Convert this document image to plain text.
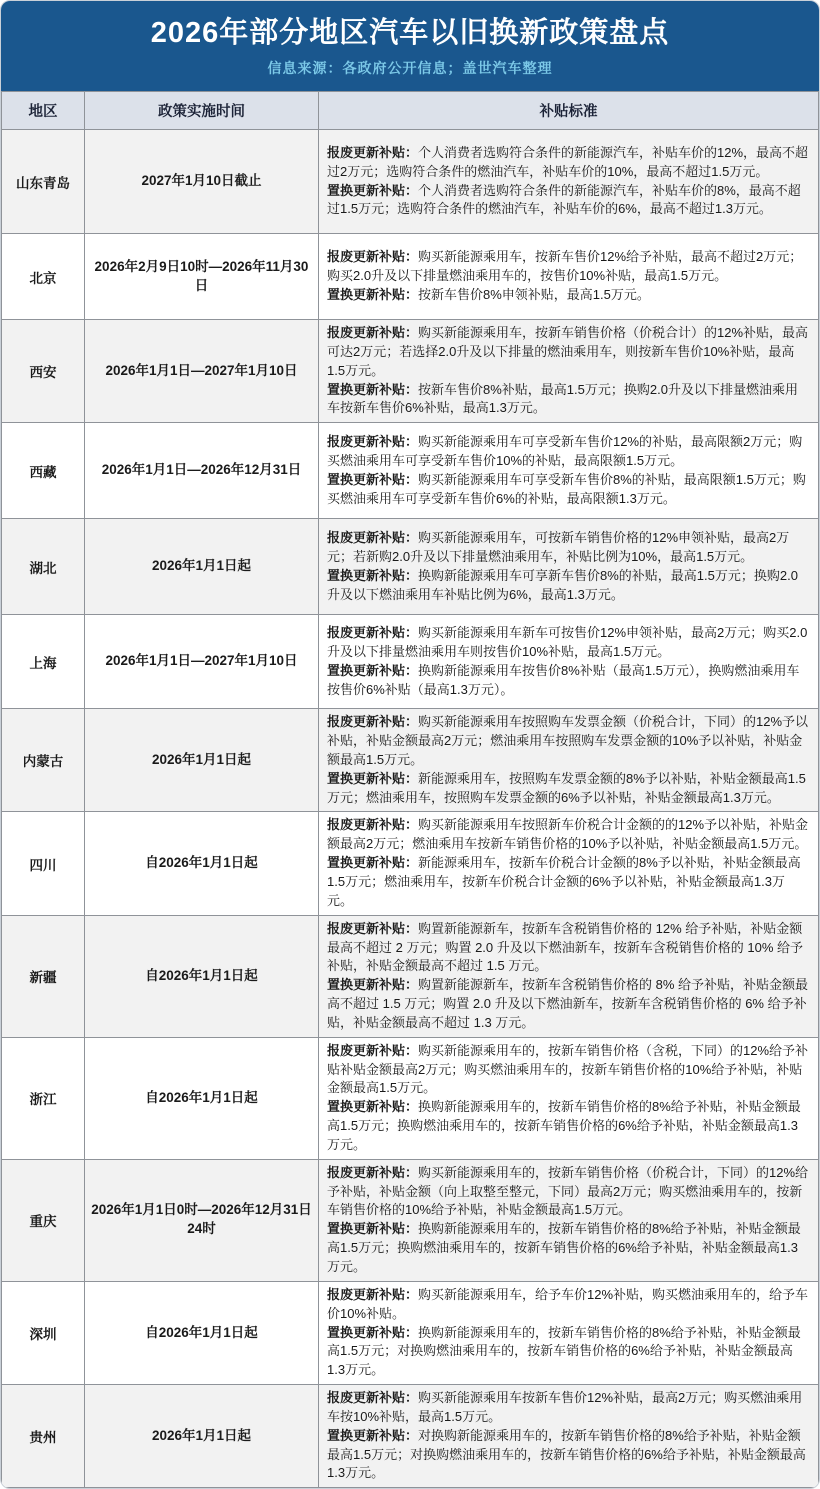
2026年部分地区汽车以旧换新政策盘点
信息来源：各政府公开信息；盖世汽车整理
地区	政策实施时间	补贴标准
山东青岛	2027年1月10日截止	报废更新补贴：个人消费者选购符合条件的新能源汽车，补贴车价的12%，最高不超过2万元；选购符合条件的燃油汽车，补贴车价的10%，最高不超过1.5万元。

置换更新补贴：个人消费者选购符合条件的新能源汽车，补贴车价的8%，最高不超过1.5万元；选购符合条件的燃油汽车，补贴车价的6%，最高不超过1.3万元。

北京	2026年2月9日10时—2026年11月30日	报废更新补贴：购买新能源乘用车，按新车售价12%给予补贴，最高不超过2万元；购买2.0升及以下排量燃油乘用车的，按售价10%补贴，最高1.5万元。

置换更新补贴：按新车售价8%申领补贴，最高1.5万元。

西安	2026年1月1日—2027年1月10日	报废更新补贴：购买新能源乘用车，按新车销售价格（价税合计）的12%补贴，最高可达2万元；若选择2.0升及以下排量的燃油乘用车，则按新车售价10%补贴，最高1.5万元。

置换更新补贴：按新车售价8%补贴，最高1.5万元；换购2.0升及以下排量燃油乘用车按新车售价6%补贴，最高1.3万元。

西藏	2026年1月1日—2026年12月31日	报废更新补贴：购买新能源乘用车可享受新车售价12%的补贴，最高限额2万元；购买燃油乘用车可享受新车售价10%的补贴，最高限额1.5万元。

置换更新补贴：购买新能源乘用车可享受新车售价8%的补贴，最高限额1.5万元；购买燃油乘用车可享受新车售价6%的补贴，最高限额1.3万元。

湖北	2026年1月1日起	报废更新补贴：购买新能源乘用车，可按新车销售价格的12%申领补贴，最高2万元；若新购2.0升及以下排量燃油乘用车，补贴比例为10%，最高1.5万元。

置换更新补贴：换购新能源乘用车可享新车售价8%的补贴，最高1.5万元；换购2.0升及以下燃油乘用车补贴比例为6%，最高1.3万元。

上海	2026年1月1日—2027年1月10日	报废更新补贴：购买新能源乘用车新车可按售价12%申领补贴，最高2万元；购买2.0升及以下排量燃油乘用车则按售价10%补贴，最高1.5万元。

置换更新补贴：换购新能源乘用车按售价8%补贴（最高1.5万元），换购燃油乘用车按售价6%补贴（最高1.3万元）。

内蒙古	2026年1月1日起	报废更新补贴：购买新能源乘用车按照购车发票金额（价税合计，下同）的12%予以补贴，补贴金额最高2万元；燃油乘用车按照购车发票金额的10%予以补贴，补贴金额最高1.5万元。

置换更新补贴：新能源乘用车，按照购车发票金额的8%予以补贴，补贴金额最高1.5万元；燃油乘用车，按照购车发票金额的6%予以补贴，补贴金额最高1.3万元。

四川	自2026年1月1日起	报废更新补贴：购买新能源乘用车按照新车价税合计金额的的12%予以补贴，补贴金额最高2万元；燃油乘用车按新车销售价格的10%予以补贴，补贴金额最高1.5万元。

置换更新补贴：新能源乘用车，按新车价税合计金额的8%予以补贴，补贴金额最高1.5万元；燃油乘用车，按新车价税合计金额的6%予以补贴，补贴金额最高1.3万元。

新疆	自2026年1月1日起	报废更新补贴：购置新能源新车，按新车含税销售价格的 12% 给予补贴，补贴金额最高不超过 2 万元；购置 2.0 升及以下燃油新车，按新车含税销售价格的 10% 给予补贴，补贴金额最高不超过 1.5 万元。

置换更新补贴：购置新能源新车，按新车含税销售价格的 8% 给予补贴，补贴金额最高不超过 1.5 万元；购置 2.0 升及以下燃油新车，按新车含税销售价格的 6% 给予补贴，补贴金额最高不超过 1.3 万元。

浙江	自2026年1月1日起	报废更新补贴：购买新能源乘用车的，按新车销售价格（含税，下同）的12%给予补贴补贴金额最高2万元；购买燃油乘用车的，按新车销售价格的10%给予补贴，补贴金额最高1.5万元。

置换更新补贴：换购新能源乘用车的，按新车销售价格的8%给予补贴，补贴金额最高1.5万元；换购燃油乘用车的，按新车销售价格的6%给予补贴，补贴金额最高1.3万元。

重庆	2026年1月1日0时—2026年12月31日24时	报废更新补贴：购买新能源乘用车的，按新车销售价格（价税合计，下同）的12%给予补贴，补贴金额（向上取整至整元，下同）最高2万元；购买燃油乘用车的，按新车销售价格的10%给予补贴，补贴金额最高1.5万元。

置换更新补贴：换购新能源乘用车的，按新车销售价格的8%给予补贴，补贴金额最高1.5万元；换购燃油乘用车的，按新车销售价格的6%给予补贴，补贴金额最高1.3万元。

深圳	自2026年1月1日起	报废更新补贴：购买新能源乘用车，给予车价12%补贴，购买燃油乘用车的，给予车价10%补贴。

置换更新补贴：换购新能源乘用车的，按新车销售价格的8%给予补贴，补贴金额最高1.5万元；对换购燃油乘用车的，按新车销售价格的6%给予补贴，补贴金额最高1.3万元。

贵州	2026年1月1日起	报废更新补贴：购买新能源乘用车按新车售价12%补贴，最高2万元；购买燃油乘用车按10%补贴，最高1.5万元。

置换更新补贴：对换购新能源乘用车的，按新车销售价格的8%给予补贴，补贴金额最高1.5万元；对换购燃油乘用车的，按新车销售价格的6%给予补贴，补贴金额最高1.3万元。
